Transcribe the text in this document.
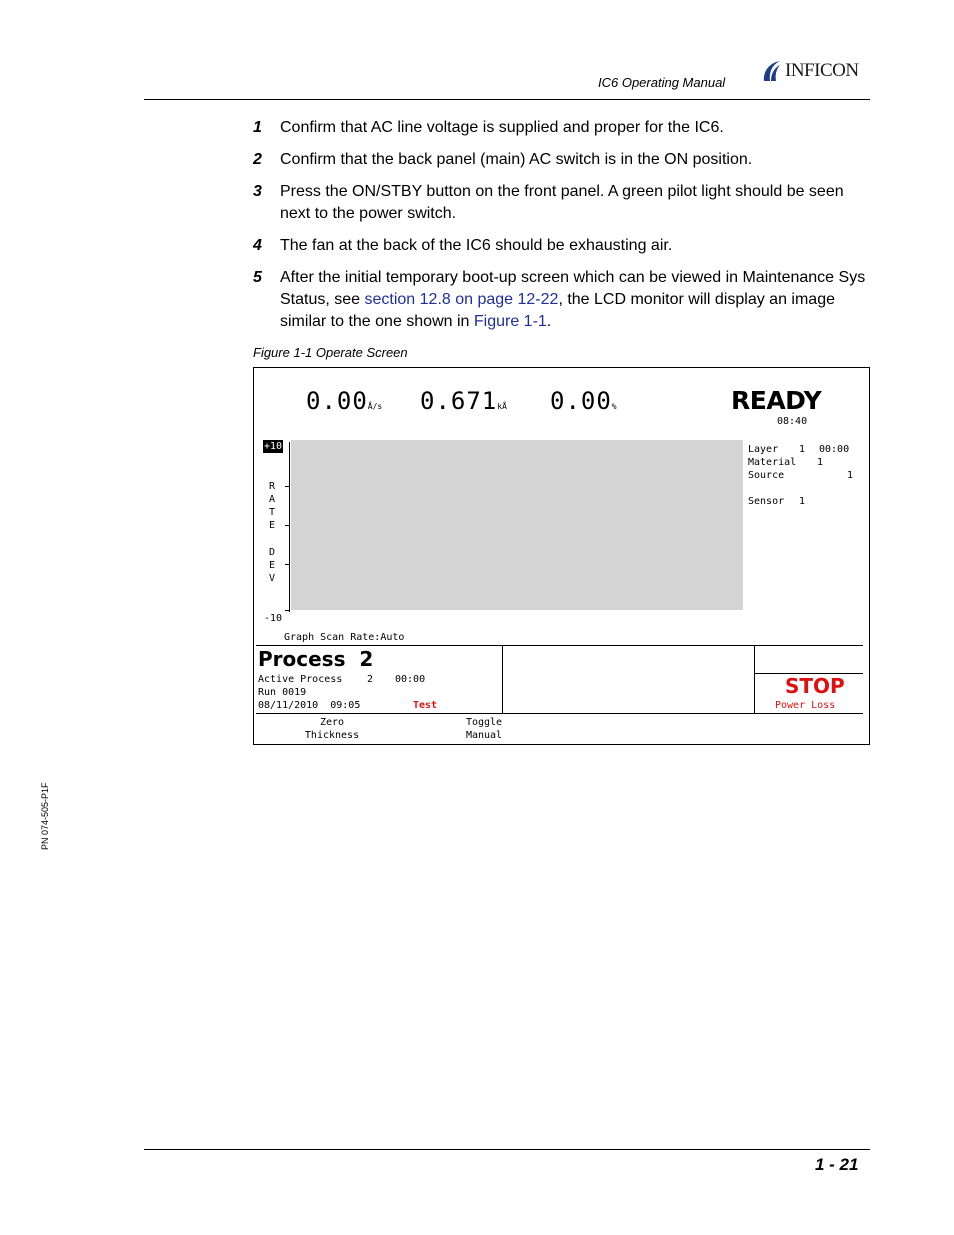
IC6 Operating Manual
INFICON
1 Confirm that AC line voltage is supplied and proper for the IC6.
2 Confirm that the back panel (main) AC switch is in the ON position.
3 Press the ON/STBY button on the front panel. A green pilot light should be seen next to the power switch.
4 The fan at the back of the IC6 should be exhausting air.
5 After the initial temporary boot-up screen which can be viewed in Maintenance Sys Status, see section 12.8 on page 12-22, the LCD monitor will display an image similar to the one shown in Figure 1-1.
Figure 1-1 Operate Screen
0.00Å/s 0.671kÅ 0.00%	READY
08:40
+10
R
A
T
E
D
E
V
-10
Graph Scan Rate:Auto
Layer 1 00:00
Material 1
Source	1
Sensor 1
Process  2
Active Process 2 00:00
Run 0019
08/11/2010  09:05	Test
STOP
Power Loss
Zero
Thickness
Toggle
Manual
PN 074-505-P1F
1 - 21
